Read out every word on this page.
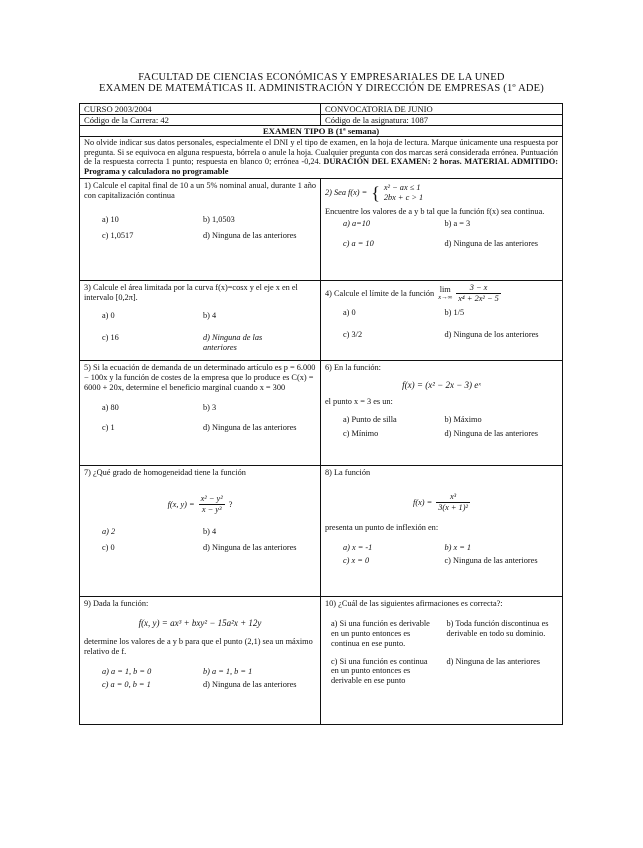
FACULTAD DE CIENCIAS ECONÓMICAS Y EMPRESARIALES DE LA UNED
EXAMEN DE MATEMÁTICAS II. ADMINISTRACIÓN Y DIRECCIÓN DE EMPRESAS (1º ADE)
CURSO 2003/2004	CONVOCATORIA DE JUNIO
Código de la Carrera: 42	Código de la asignatura: 1087
EXAMEN TIPO B (1ª semana)
No olvide indicar sus datos personales, especialmente el DNI y el tipo de examen, en la hoja de lectura. Marque únicamente una respuesta por pregunta. Si se equivoca en alguna respuesta, bórrela o anule la hoja. Cualquier pregunta con dos marcas será considerada errónea. Puntuación de la respuesta correcta 1 punto; respuesta en blanco 0; errónea -0,24. DURACIÓN DEL EXAMEN: 2 horas. MATERIAL ADMITIDO: Programa y calculadora no programable
1) Calcule el capital final de 10 a un 5% nominal anual, durante 1 año con capitalización continua
a) 10	b) 1,0503
c) 1,0517	d) Ninguna de las anteriores
2) Sea f(x) = { x² − ax ≤ 1
2bx + c > 1
Encuentre los valores de a y b tal que la función f(x) sea continua.
a) a=10	b) a = 3
c) a = 10	d) Ninguna de las anteriores
3) Calcule el área limitada por la curva f(x)=cosx y el eje x en el intervalo [0,2π].
a) 0	b) 4
c) 16	d) Ninguna de las anteriores
4) Calcule el límite de la función lim
$x\to\infty \frac{3 - x}{\text{x⁴ + 2x² − 5}}$
a) 0	b) 1/5
c) 3/2	d) Ninguna de los anteriores
5) Si la ecuación de demanda de un determinado artículo es p = 6.000 − 100x y la función de costes de la empresa que lo produce es C(x) = 6000 + 20x, determine el beneficio marginal cuando x = 300
a) 80	b) 3
c) 1	d) Ninguna de las anteriores
6) En la función:
f(x) = (x² − 2x − 3) eˣ
el punto x = 3 es un:
a) Punto de silla	b) Máximo
c) Mínimo	d) Ninguna de las anteriores
7) ¿Qué grado de homogeneidad tiene la función
f(x, $y) = \frac{\text{x² − y²}}{\text{x − y³}}$ ?
a) 2	b) 4
c) 0	d) Ninguna de las anteriores
8) La función
$f(x) = \frac{\text{x³}}{\text{3(x + 1)²}}$
presenta un punto de inflexión en:
a) x = -1	b) x = 1
c) x = 0	c) Ninguna de las anteriores
9) Dada la función:
f(x, y) = ax³ + bxy² − 15a²x + 12y
determine los valores de a y b para que el punto (2,1) sea un máximo relativo de f.
a) a = 1, b = 0	b) a = 1, b = 1
c) a = 0, b = 1	d) Ninguna de las anteriores
10) ¿Cuál de las siguientes afirmaciones es correcta?:
a) Si una función es derivable en un punto entonces es continua en ese punto.
b) Toda función discontinua es derivable en todo su dominio.
c) Si una función es continua en un punto entonces es derivable en ese punto
d) Ninguna de las anteriores
